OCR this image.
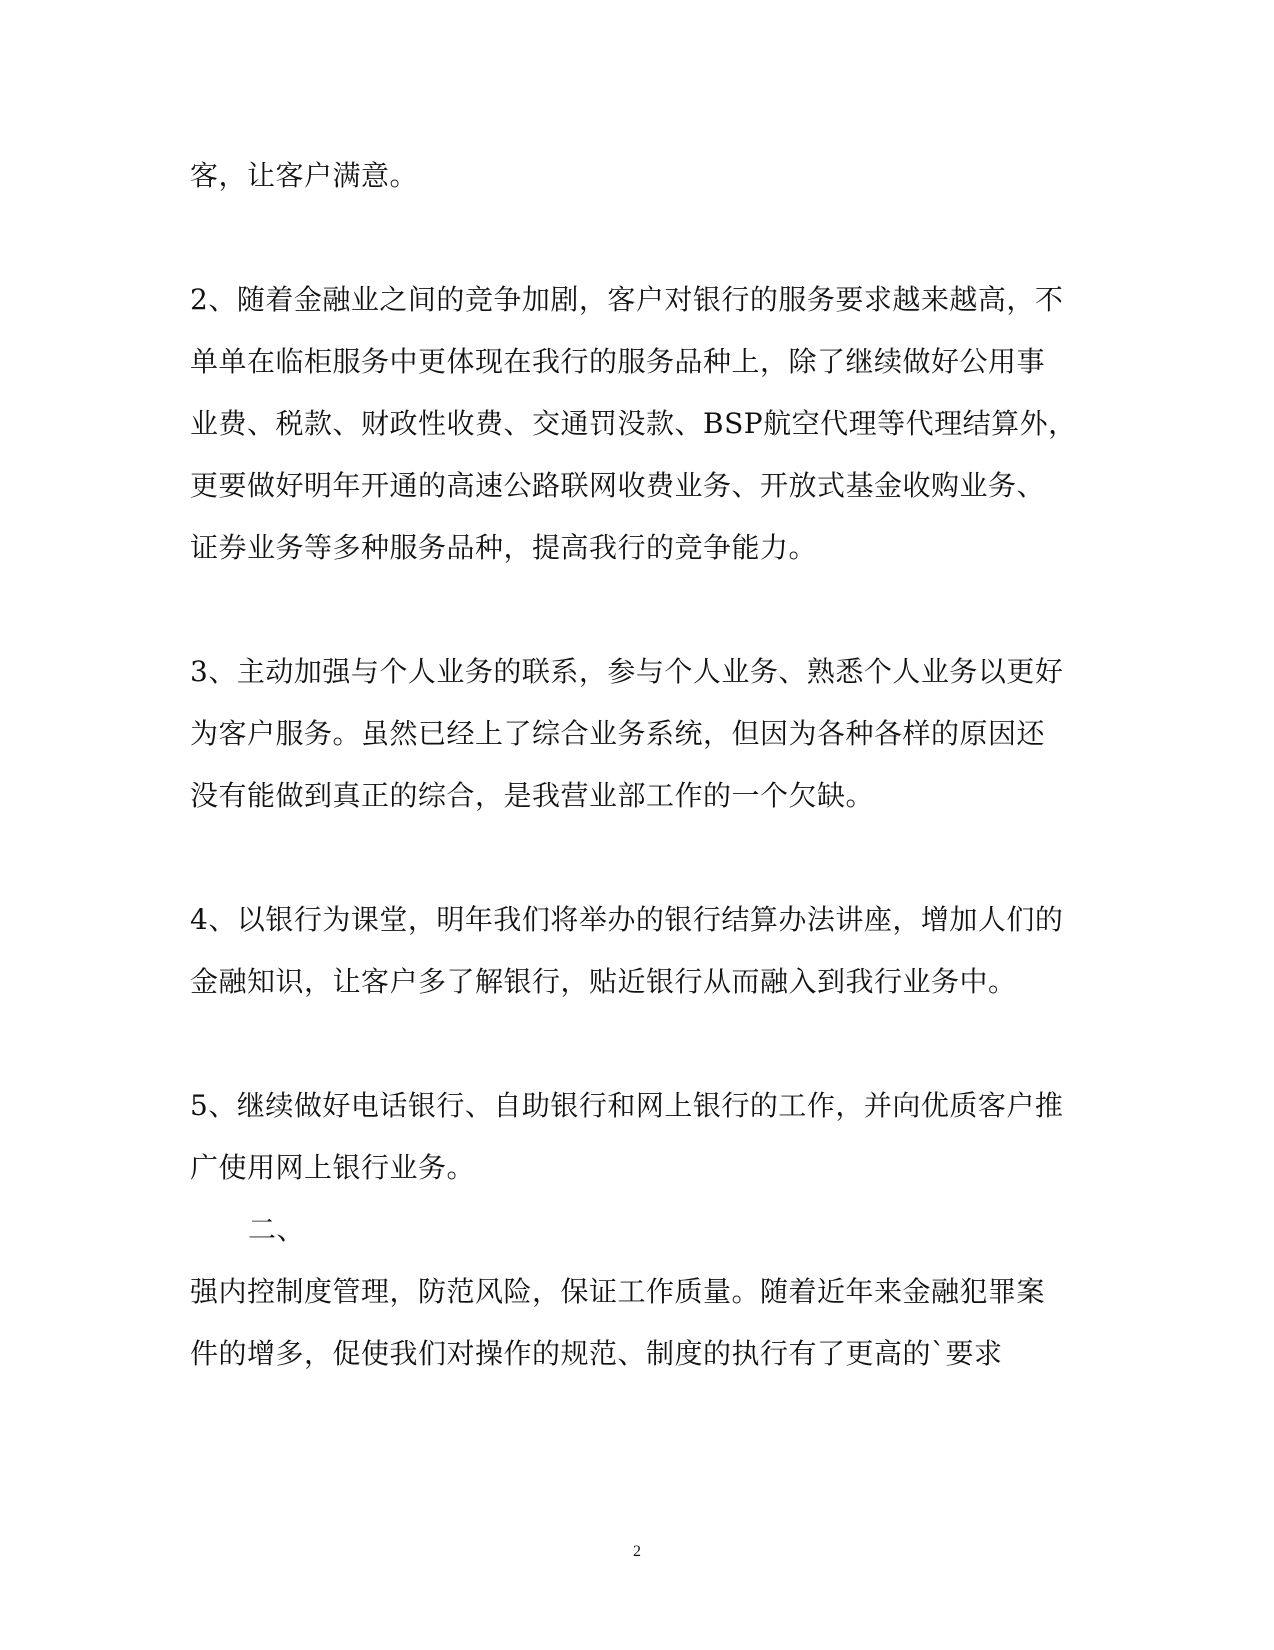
客，让客户满意。
2、随着金融业之间的竞争加剧，客户对银行的服务要求越来越高，不
单单在临柜服务中更体现在我行的服务品种上，除了继续做好公用事
业费、税款、财政性收费、交通罚没款、BSP航空代理等代理结算外，
更要做好明年开通的高速公路联网收费业务、开放式基金收购业务、
证券业务等多种服务品种，提高我行的竞争能力。
3、主动加强与个人业务的联系，参与个人业务、熟悉个人业务以更好
为客户服务。虽然已经上了综合业务系统，但因为各种各样的原因还
没有能做到真正的综合，是我营业部工作的一个欠缺。
4、以银行为课堂，明年我们将举办的银行结算办法讲座，增加人们的
金融知识，让客户多了解银行，贴近银行从而融入到我行业务中。
5、继续做好电话银行、自助银行和网上银行的工作，并向优质客户推
广使用网上银行业务。
二、
强内控制度管理，防范风险，保证工作质量。随着近年来金融犯罪案
件的增多，促使我们对操作的规范、制度的执行有了更高的`要求
2
